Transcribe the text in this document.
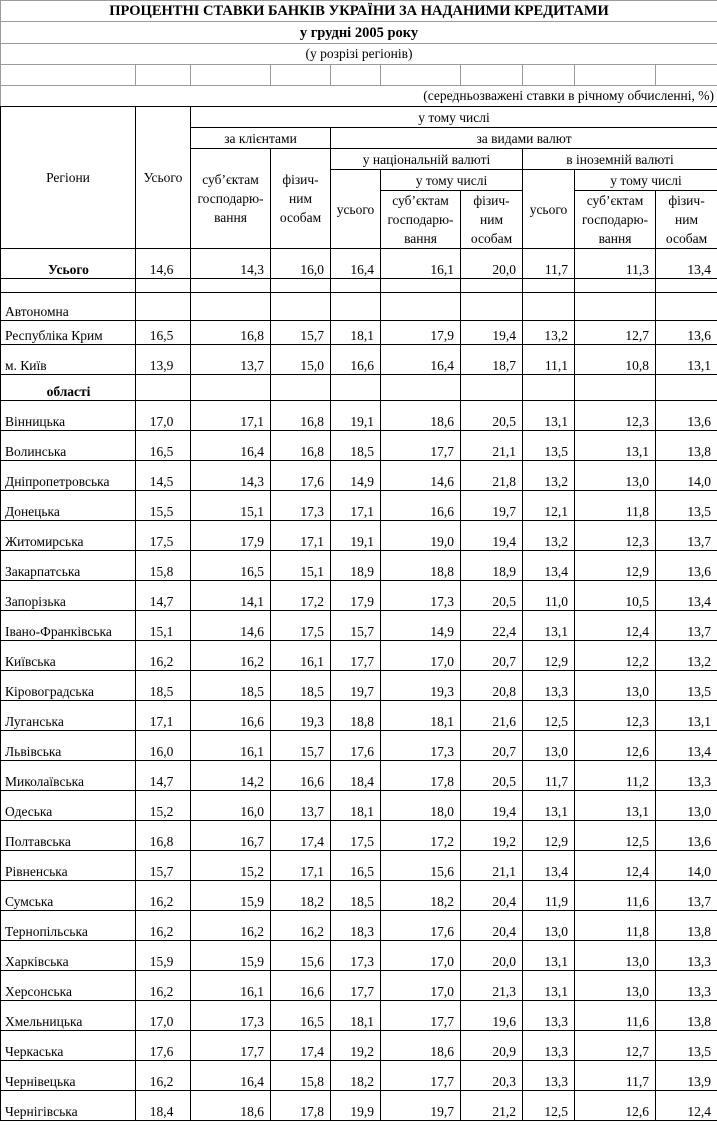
ПРОЦЕНТНІ СТАВКИ БАНКІВ УКРАЇНИ ЗА НАДАНИМИ КРЕДИТАМИ									
у грудні 2005 року									
(у розрізі регіонів)									

(середньозважені ставки в річному обчисленні, %)									
Регіони	Усього	у тому числі							
		за клієнтами		за видами валют					
		суб’єктам господарю-вання	фізич-ним особам	у національній валюті			в іноземній валюті		
				усього	у тому числі		усього	у тому числі	
					суб’єктам господарю-вання	фізич-ним особам		суб’єктам господарю-вання	фізич-ним особам

Усього	14,6	14,3	16,0	16,4	16,1	20,0	11,7	11,3	13,4

Автономна									
Республіка Крим	16,5	16,8	15,7	18,1	17,9	19,4	13,2	12,7	13,6
м. Київ	13,9	13,7	15,0	16,6	16,4	18,7	11,1	10,8	13,1
області									
Вінницька	17,0	17,1	16,8	19,1	18,6	20,5	13,1	12,3	13,6
Волинська	16,5	16,4	16,8	18,5	17,7	21,1	13,5	13,1	13,8
Дніпропетровська	14,5	14,3	17,6	14,9	14,6	21,8	13,2	13,0	14,0
Донецька	15,5	15,1	17,3	17,1	16,6	19,7	12,1	11,8	13,5
Житомирська	17,5	17,9	17,1	19,1	19,0	19,4	13,2	12,3	13,7
Закарпатська	15,8	16,5	15,1	18,9	18,8	18,9	13,4	12,9	13,6
Запорізька	14,7	14,1	17,2	17,9	17,3	20,5	11,0	10,5	13,4
Івано-Франківська	15,1	14,6	17,5	15,7	14,9	22,4	13,1	12,4	13,7
Київська	16,2	16,2	16,1	17,7	17,0	20,7	12,9	12,2	13,2
Кіровоградська	18,5	18,5	18,5	19,7	19,3	20,8	13,3	13,0	13,5
Луганська	17,1	16,6	19,3	18,8	18,1	21,6	12,5	12,3	13,1
Львівська	16,0	16,1	15,7	17,6	17,3	20,7	13,0	12,6	13,4
Миколаївська	14,7	14,2	16,6	18,4	17,8	20,5	11,7	11,2	13,3
Одеська	15,2	16,0	13,7	18,1	18,0	19,4	13,1	13,1	13,0
Полтавська	16,8	16,7	17,4	17,5	17,2	19,2	12,9	12,5	13,6
Рівненська	15,7	15,2	17,1	16,5	15,6	21,1	13,4	12,4	14,0
Сумська	16,2	15,9	18,2	18,5	18,2	20,4	11,9	11,6	13,7
Тернопільська	16,2	16,2	16,2	18,3	17,6	20,4	13,0	11,8	13,8
Харківська	15,9	15,9	15,6	17,3	17,0	20,0	13,1	13,0	13,3
Херсонська	16,2	16,1	16,6	17,7	17,0	21,3	13,1	13,0	13,3
Хмельницька	17,0	17,3	16,5	18,1	17,7	19,6	13,3	11,6	13,8
Черкаська	17,6	17,7	17,4	19,2	18,6	20,9	13,3	12,7	13,5
Чернівецька	16,2	16,4	15,8	18,2	17,7	20,3	13,3	11,7	13,9
Чернігівська	18,4	18,6	17,8	19,9	19,7	21,2	12,5	12,6	12,4
